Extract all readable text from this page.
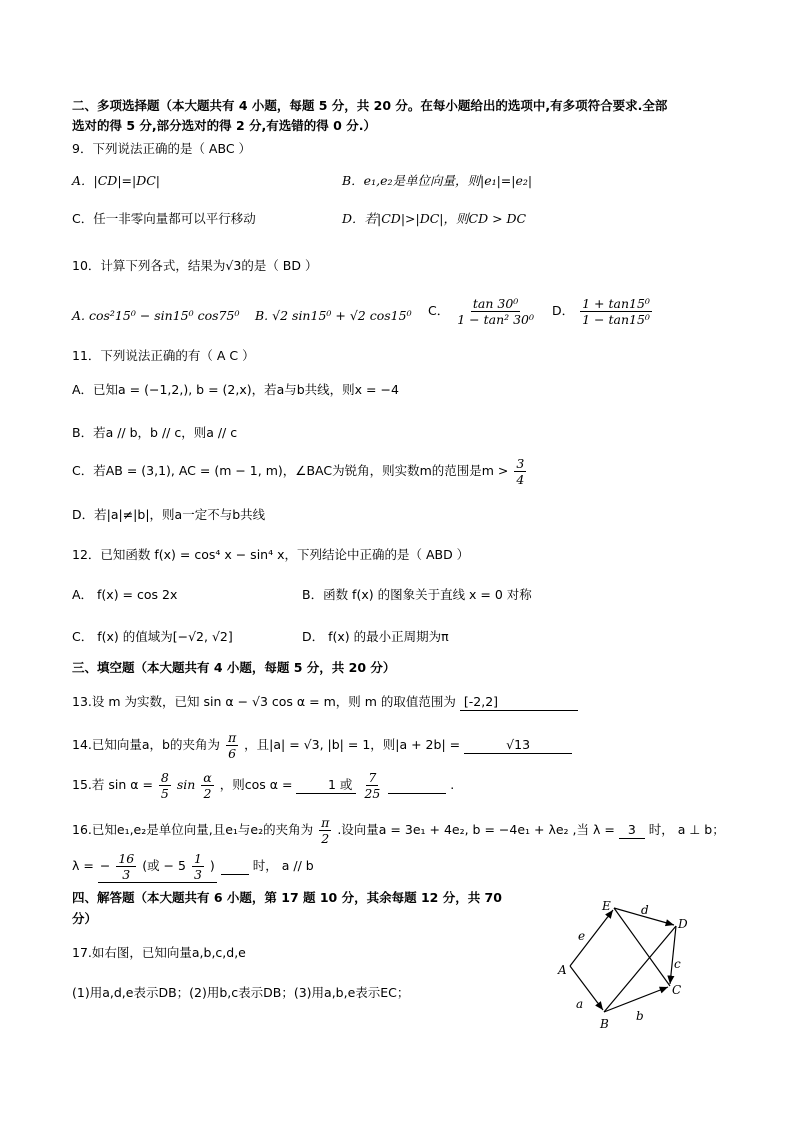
二、多项选择题（本大题共有 4 小题，每题 5 分，共 20 分。在每小题给出的选项中,有多项符合要求.全部
选对的得 5 分,部分选对的得 2 分,有选错的得 0 分.）
9．下列说法正确的是（ ABC ）
A．|CD|=|DC|	B．e₁,e₂是单位向量，则|e₁|=|e₂|
C．任一非零向量都可以平行移动	D．若|CD|>|DC|，则CD > DC
10．计算下列各式，结果为√3的是（ BD ）
A. cos²15⁰ − sin15⁰ cos75⁰ B. √2 sin15⁰ + √2 cos15⁰ C． $\frac{\text{tan 30⁰}}{\text{1 − tan² 30⁰}}$ D． $\frac{\text{1 + tan15⁰}}{\text{1 − tan15⁰}}$
11．下列说法正确的有（ A C ）
A．已知a = (−1,2,), b = (2,x)，若a与b共线，则x = −4
B．若a // b，b // c，则a // c
C．若AB = (3,1), AC = (m − 1, m)，∠BAC为锐角，则实数m的范围是$m > \frac{3}{4}$
D．若|a|≠|b|，则a一定不与b共线
12．已知函数 f(x) = cos⁴ x − sin⁴ x，下列结论中正确的是（ ABD ）
A． f(x) = cos 2x	B．函数 f(x) 的图象关于直线 x = 0 对称
C． f(x) 的值域为[−√2, √2]	D． f(x) 的最小正周期为π
三、填空题（本大题共有 4 小题，每题 5 分，共 20 分）
13.设 m 为实数，已知 sin α − √3 cos α = m，则 m 的取值范围为 [-2,2]
14.已知向量a，b的夹角为 $\frac{\pi}{6}$ ，且|a| = √3, |b| = 1，则|a + 2b| =	√13
15.若 $\sin \alpha = \frac{8}{5}$ $\sin \frac{\alpha}{2}$ ，则cos α =	1 或 $\frac{7}{25}$	.
16.已知e₁,e₂是单位向量,且e₁与e₂的夹角为 $\frac{\pi}{2}$ .设向量a = 3e₁ + 4e₂, b = −4e₁ + λe₂ ,当 λ = 3 时， a ⊥ b；
λ = − $\frac{16}{3}$ (或 − $5 \frac{1}{3}$ )	时， a // b
四、解答题（本大题共有 6 小题，第 17 题 10 分，其余每题 12 分，共 70
分）
17.如右图，已知向量a,b,c,d,e
(1)用a,d,e表示DB；(2)用b,c表示DB；(3)用a,b,e表示EC；
E
D
A
B
C
d
c
b
a
e
